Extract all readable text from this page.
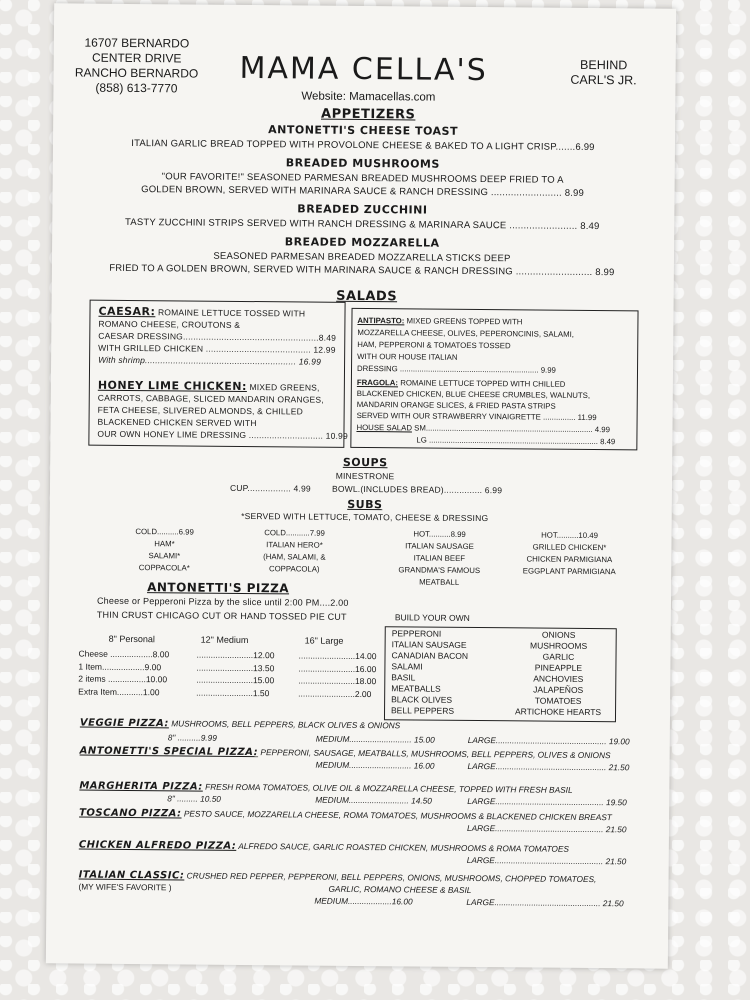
16707 BERNARDO
CENTER DRIVE
RANCHO BERNARDO
(858) 613-7770	MAMA CELLA'S	BEHIND
CARL'S JR.
Website: Mamacellas.com
APPETIZERS
ANTONETTI'S CHEESE TOAST
ITALIAN GARLIC BREAD TOPPED WITH PROVOLONE CHEESE & BAKED TO A LIGHT CRISP.......6.99
BREADED MUSHROOMS
"OUR FAVORITE!" SEASONED PARMESAN BREADED MUSHROOMS DEEP FRIED TO A
GOLDEN BROWN, SERVED WITH MARINARA SAUCE & RANCH DRESSING ......................... 8.99
BREADED ZUCCHINI
TASTY ZUCCHINI STRIPS SERVED WITH RANCH DRESSING & MARINARA SAUCE ........................ 8.49
BREADED MOZZARELLA
SEASONED PARMESAN BREADED MOZZARELLA STICKS DEEP
FRIED TO A GOLDEN BROWN, SERVED WITH MARINARA SAUCE & RANCH DRESSING ........................... 8.99
SALADS
CAESAR: ROMAINE LETTUCE TOSSED WITH
ROMANO CHEESE, CROUTONS &
CAESAR DRESSING.....................................................8.49
WITH GRILLED CHICKEN ......................................... 12.99
With shrimp........................................................... 16.99
HONEY LIME CHICKEN: MIXED GREENS,
CARROTS, CABBAGE, SLICED MANDARIN ORANGES,
FETA CHEESE, SLIVERED ALMONDS, & CHILLED
BLACKENED CHICKEN SERVED WITH
OUR OWN HONEY LIME DRESSING ............................. 10.99
ANTIPASTO: MIXED GREENS TOPPED WITH
MOZZARELLA CHEESE, OLIVES, PEPERONCINIS, SALAMI,
HAM, PEPPERONI & TOMATOES TOSSED
WITH OUR HOUSE ITALIAN
DRESSING ................................................................ 9.99
FRAGOLA: ROMAINE LETTUCE TOPPED WITH CHILLED
BLACKENED CHICKEN, BLUE CHEESE CRUMBLES, WALNUTS,
MANDARIN ORANGE SLICES, & FRIED PASTA STRIPS
SERVED WITH OUR STRAWBERRY VINAIGRETTE ............... 11.99
HOUSE SALAD SM............................................................................. 4.99
LG .............................................................................. 8.49
SOUPS
MINESTRONE
CUP................. 4.99 BOWL.(INCLUDES BREAD)............... 6.99
SUBS
*SERVED WITH LETTUCE, TOMATO, CHEESE & DRESSING
COLD..........6.99
HAM*
SALAMI*
COPPACOLA*
COLD...........7.99
ITALIAN HERO*
(HAM, SALAMI, &
COPPACOLA)
HOT..........8.99
ITALIAN SAUSAGE
ITALIAN BEEF
GRANDMA'S FAMOUS
MEATBALL
HOT..........10.49
GRILLED CHICKEN*
CHICKEN PARMIGIANA
EGGPLANT PARMIGIANA
ANTONETTI'S PIZZA
Cheese or Pepperoni Pizza by the slice until 2:00 PM....2.00
THIN CRUST CHICAGO CUT OR HAND TOSSED PIE CUT	BUILD YOUR OWN
8" Personal	12" Medium	16" Large
Cheese ..................8.00	........................12.00	........................14.00
1 Item..................9.00	........................13.50	........................16.00
2 items ................10.00	........................15.00	........................18.00
Extra Item...........1.00	........................1.50	........................2.00
PEPPERONI
ITALIAN SAUSAGE
CANADIAN BACON
SALAMI
BASIL
MEATBALLS
BLACK OLIVES
BELL PEPPERS
ONIONS
MUSHROOMS
GARLIC
PINEAPPLE
ANCHOVIES
JALAPEÑOS
TOMATOES
ARTICHOKE HEARTS
VEGGIE PIZZA: MUSHROOMS, BELL PEPPERS, BLACK OLIVES & ONIONS
8" ..........9.99	MEDIUM........................... 15.00	LARGE................................................ 19.00
ANTONETTI'S SPECIAL PIZZA: PEPPERONI, SAUSAGE, MEATBALLS, MUSHROOMS, BELL PEPPERS, OLIVES & ONIONS
MEDIUM........................... 16.00	LARGE................................................ 21.50
MARGHERITA PIZZA: FRESH ROMA TOMATOES, OLIVE OIL & MOZZARELLA CHEESE, TOPPED WITH FRESH BASIL
8" ......... 10.50	MEDIUM.......................... 14.50	LARGE............................................... 19.50
TOSCANO PIZZA: PESTO SAUCE, MOZZARELLA CHEESE, ROMA TOMATOES, MUSHROOMS & BLACKENED CHICKEN BREAST
LARGE............................................... 21.50
CHICKEN ALFREDO PIZZA: ALFREDO SAUCE, GARLIC ROASTED CHICKEN, MUSHROOMS & ROMA TOMATOES
LARGE............................................... 21.50
ITALIAN CLASSIC: CRUSHED RED PEPPER, PEPPERONI, BELL PEPPERS, ONIONS, MUSHROOMS, CHOPPED TOMATOES,
(MY WIFE'S FAVORITE )	GARLIC, ROMANO CHEESE & BASIL
MEDIUM...................16.00	LARGE.............................................. 21.50
